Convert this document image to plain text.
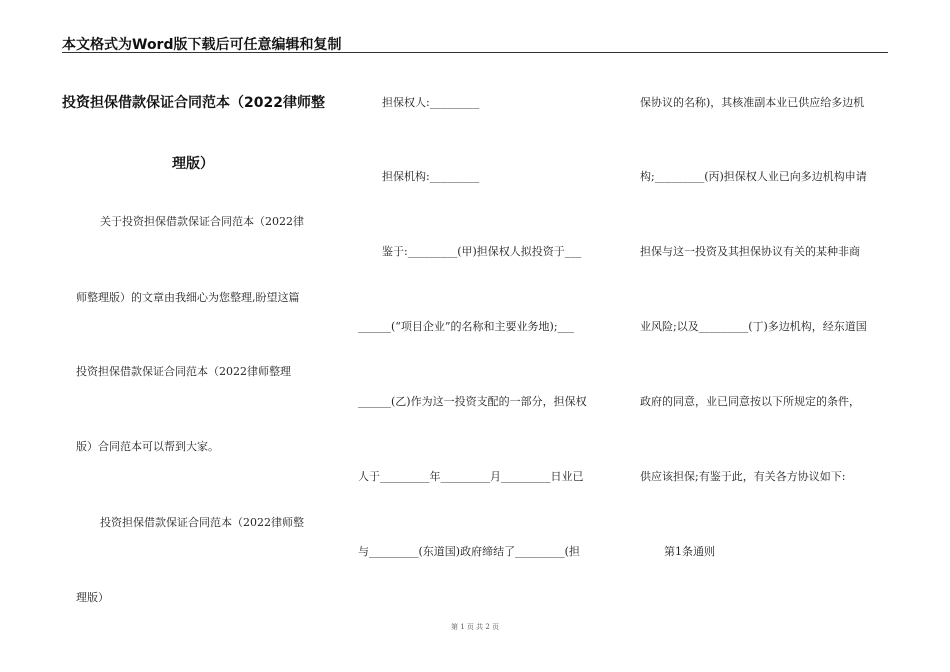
本文格式为Word版下载后可任意编辑和复制
投资担保借款保证合同范本（2022律师整
理版）
关于投资担保借款保证合同范本（2022律
师整理版）的文章由我细心为您整理,盼望这篇
投资担保借款保证合同范本（2022律师整理
版）合同范本可以帮到大家。
投资担保借款保证合同范本（2022律师整
理版）
担保权人:_________
担保机构:_________
鉴于:_________(甲)担保权人拟投资于___
______(“项目企业”的名称和主要业务地);___
______(乙)作为这一投资支配的一部分，担保权
人于_________年_________月_________日业已
与_________(东道国)政府缔结了_________(担
保协议的名称)，其核准副本业已供应给多边机
构;_________(丙)担保权人业已向多边机构申请
担保与这一投资及其担保协议有关的某种非商
业风险;以及_________(丁)多边机构，经东道国
政府的同意，业已同意按以下所规定的条件，
供应该担保;有鉴于此，有关各方协议如下:
第1条通则
第 1 页 共 2 页
